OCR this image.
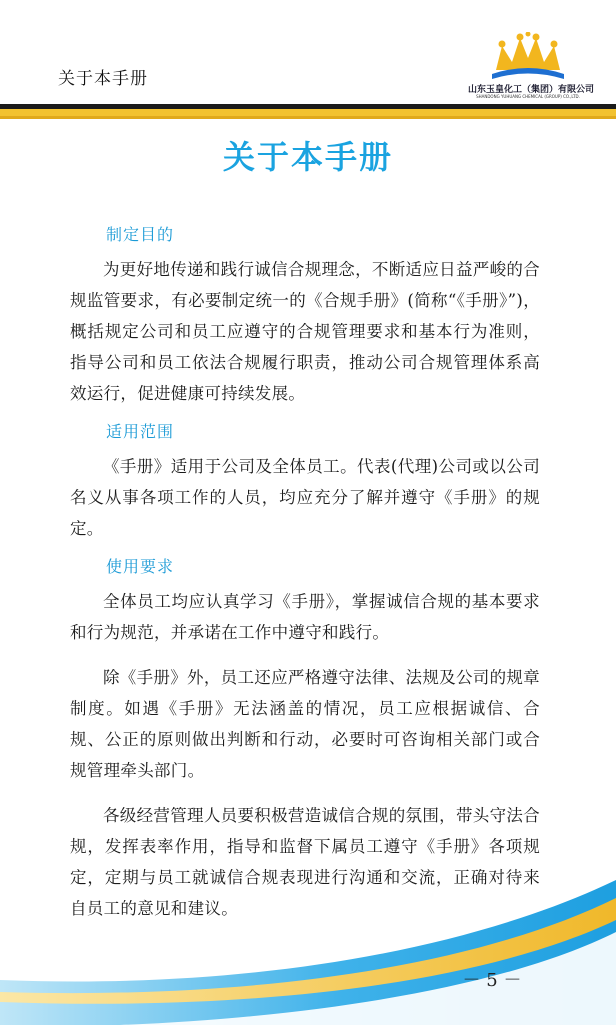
关于本手册
山东玉皇化工（集团）有限公司
SHANDONG YUHUANG CHEMICAL (GROUP) CO.,LTD.
关于本手册
制定目的

为更好地传递和践行诚信合规理念，不断适应日益严峻的合规监管要求，有必要制定统一的《合规手册》(简称“《手册》”)，概括规定公司和员工应遵守的合规管理要求和基本行为准则，指导公司和员工依法合规履行职责，推动公司合规管理体系高效运行，促进健康可持续发展。

适用范围

《手册》适用于公司及全体员工。代表(代理)公司或以公司名义从事各项工作的人员，均应充分了解并遵守《手册》的规定。

使用要求

全体员工均应认真学习《手册》，掌握诚信合规的基本要求和行为规范，并承诺在工作中遵守和践行。

除《手册》外，员工还应严格遵守法律、法规及公司的规章制度。如遇《手册》无法涵盖的情况，员工应根据诚信、合规、公正的原则做出判断和行动，必要时可咨询相关部门或合规管理牵头部门。

各级经营管理人员要积极营造诚信合规的氛围，带头守法合规，发挥表率作用，指导和监督下属员工遵守《手册》各项规定，定期与员工就诚信合规表现进行沟通和交流，正确对待来自员工的意见和建议。

－ 5 －
